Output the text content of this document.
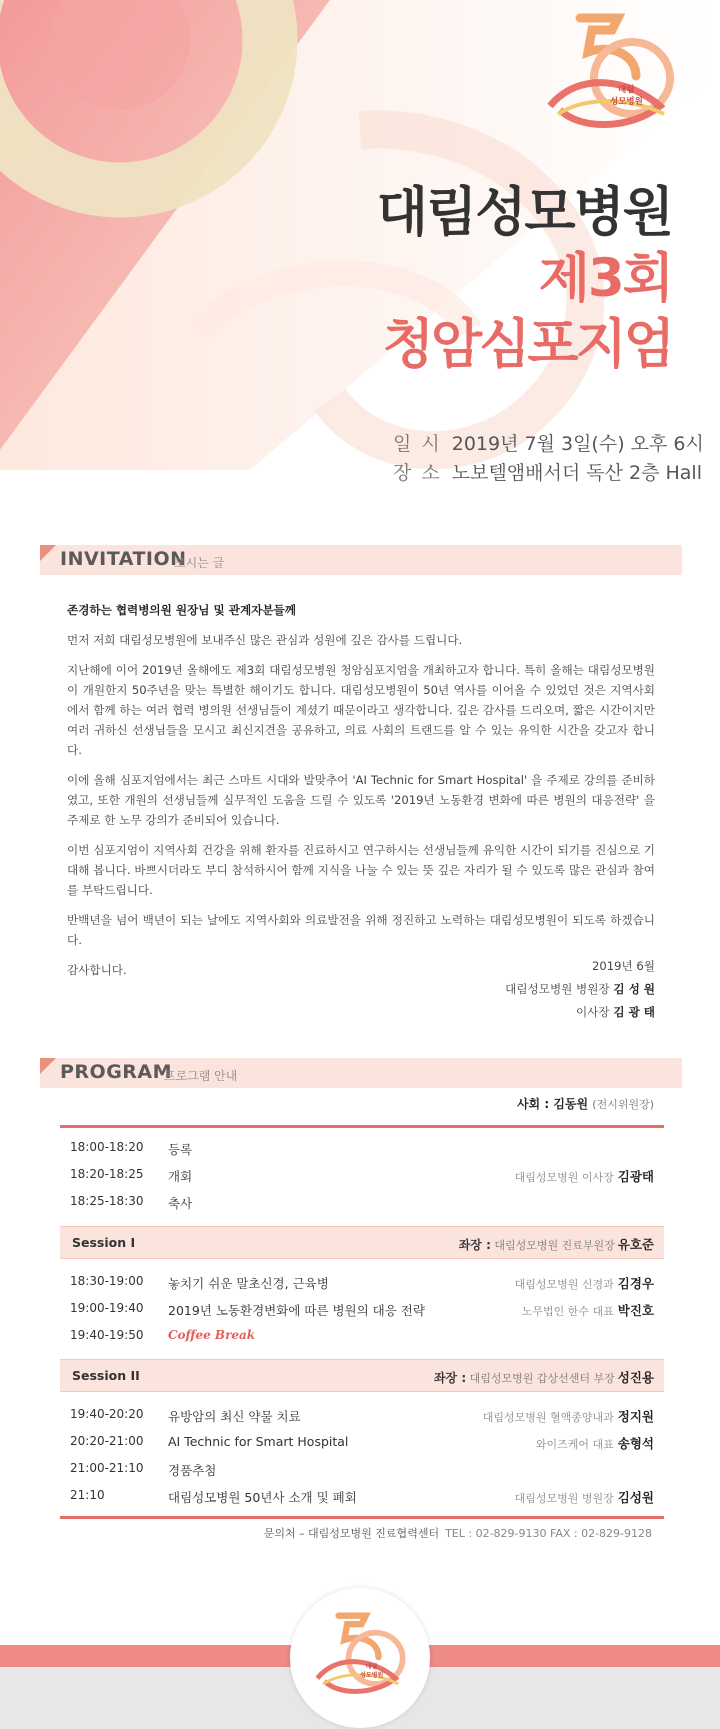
대림
성모병원
대림성모병원
제3회
청암심포지엄
일 시 2019년 7월 3일(수) 오후 6시
장 소 노보텔앰배서더 독산 2층 Hall
INVITATION
모시는 글

존경하는 협력병의원 원장님 및 관계자분들께

먼저 저희 대림성모병원에 보내주신 많은 관심과 성원에 깊은 감사를 드립니다.

지난해에 이어 2019년 올해에도 제3회 대림성모병원 청암심포지엄을 개최하고자 합니다. 특히 올해는 대림성모병원이 개원한지 50주년을 맞는 특별한 해이기도 합니다. 대림성모병원이 50년 역사를 이어올 수 있었던 것은 지역사회에서 함께 하는 여러 협력 병의원 선생님들이 계셨기 때문이라고 생각합니다. 깊은 감사를 드리오며, 짧은 시간이지만 여러 귀하신 선생님들을 모시고 최신지견을 공유하고, 의료 사회의 트랜드를 알 수 있는 유익한 시간을 갖고자 합니다.

이에 올해 심포지엄에서는 최근 스마트 시대와 발맞추어 'AI Technic for Smart Hospital' 을 주제로 강의를 준비하였고, 또한 개원의 선생님들께 실무적인 도움을 드릴 수 있도록 '2019년 노동환경 변화에 따른 병원의 대응전략' 을 주제로 한 노무 강의가 준비되어 있습니다.

이번 심포지엄이 지역사회 건강을 위해 환자를 진료하시고 연구하시는 선생님들께 유익한 시간이 되기를 진심으로 기대해 봅니다. 바쁘시더라도 부디 참석하시어 함께 지식을 나눌 수 있는 뜻 깊은 자리가 될 수 있도록 많은 관심과 참여를 부탁드립니다.

반백년을 넘어 백년이 되는 날에도 지역사회와 의료발전을 위해 정진하고 노력하는 대림성모병원이 되도록 하겠습니다.

감사합니다.	2019년 6월
대림성모병원 병원장 김 성 원
이사장 김 광 태
PROGRAM
프로그램 안내
사회 : 김동원 (전시위원장)
18:00-18:20 등록
18:20-18:25 개회	대림성모병원 이사장 김광태
18:25-18:30 축사
Session I	좌장 : 대림성모병원 진료부원장 유호준
18:30-19:00 놓치기 쉬운 말초신경, 근육병	대림성모병원 신경과 김경우
19:00-19:40 2019년 노동환경변화에 따른 병원의 대응 전략	노무법인 한수 대표 박진호
19:40-19:50 Coffee Break
Session II	좌장 : 대림성모병원 갑상선센터 부장 성진용
19:40-20:20 유방암의 최신 약물 치료	대림성모병원 혈액종양내과 정지원
20:20-21:00 AI Technic for Smart Hospital	와이즈케어 대표 송형석
21:00-21:10 경품추첨
21:10	대림성모병원 50년사 소개 및 폐회	대림성모병원 병원장 김성원
문의처 – 대림성모병원 진료협력센터 TEL : 02-829-9130 FAX : 02-829-9128
대림
성모병원
